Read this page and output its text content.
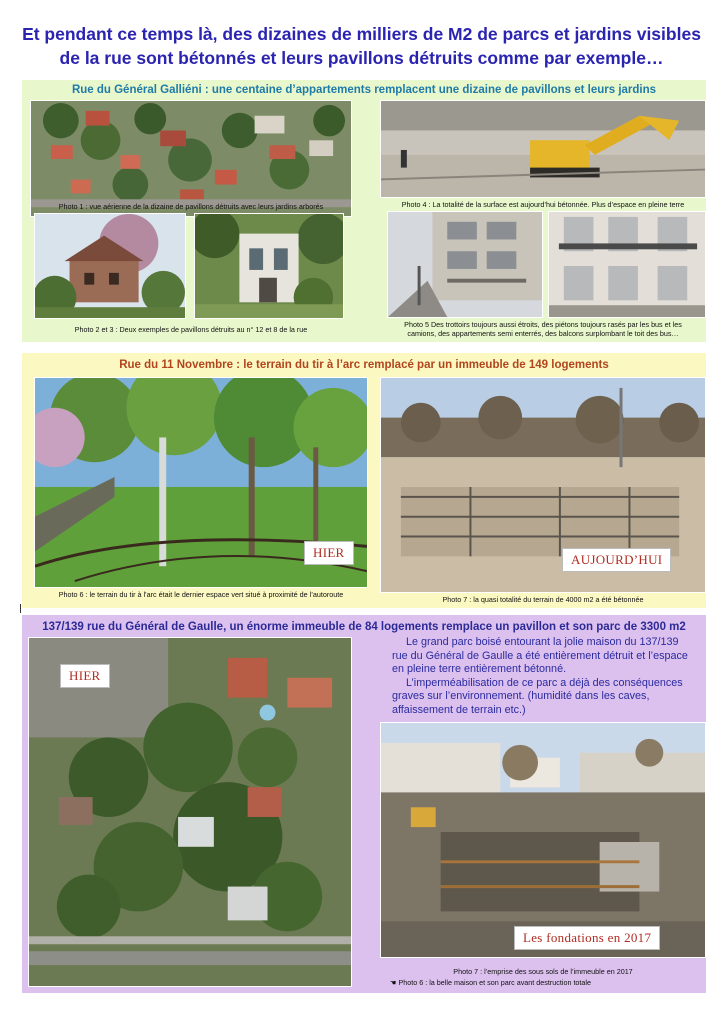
Et pendant ce temps là, des dizaines de milliers de M2 de parcs et jardins visibles
de la rue sont bétonnés et leurs pavillons détruits comme par exemple…
Rue du Général Galliéni : une centaine d’appartements remplacent une dizaine de pavillons et leurs jardins
Photo 1 : vue aérienne de la dizaine de pavillons détruits avec leurs jardins arborés
Photo 2 et 3 : Deux exemples de pavillons détruits au n° 12 et 8 de la rue
Photo 4 : La totalité de la surface est aujourd’hui bétonnée. Plus d’espace en pleine terre
Photo 5 Des trottoirs toujours aussi étroits, des piétons toujours rasés par les bus et les
camions, des appartements semi enterrés, des balcons surplombant le toit des bus…
Rue du 11 Novembre : le terrain du tir à l’arc remplacé par un immeuble de 149 logements
HIER
Photo 6 : le terrain du tir à l’arc était le dernier espace vert situé à proximité de l’autoroute
AUJOURD’HUI
Photo 7 : la quasi totalité du terrain de 4000 m2 a été bétonnée
137/139 rue du Général de Gaulle, un énorme immeuble de 84 logements remplace un pavillon et son parc de 3300 m2
HIER

Le grand parc boisé entourant la jolie maison du 137/139 rue du Général de Gaulle a été entièrement détruit et l’espace en pleine terre entièrement bétonné.

L’imperméabilisation de ce parc a déjà des conséquences graves sur l’environnement. (humidité dans les caves, affaissement de terrain etc.)

Les fondations en 2017
Photo 7 : l’emprise des sous sols de l’immeuble en 2017
☚ Photo 6 : la belle maison et son parc avant destruction totale
